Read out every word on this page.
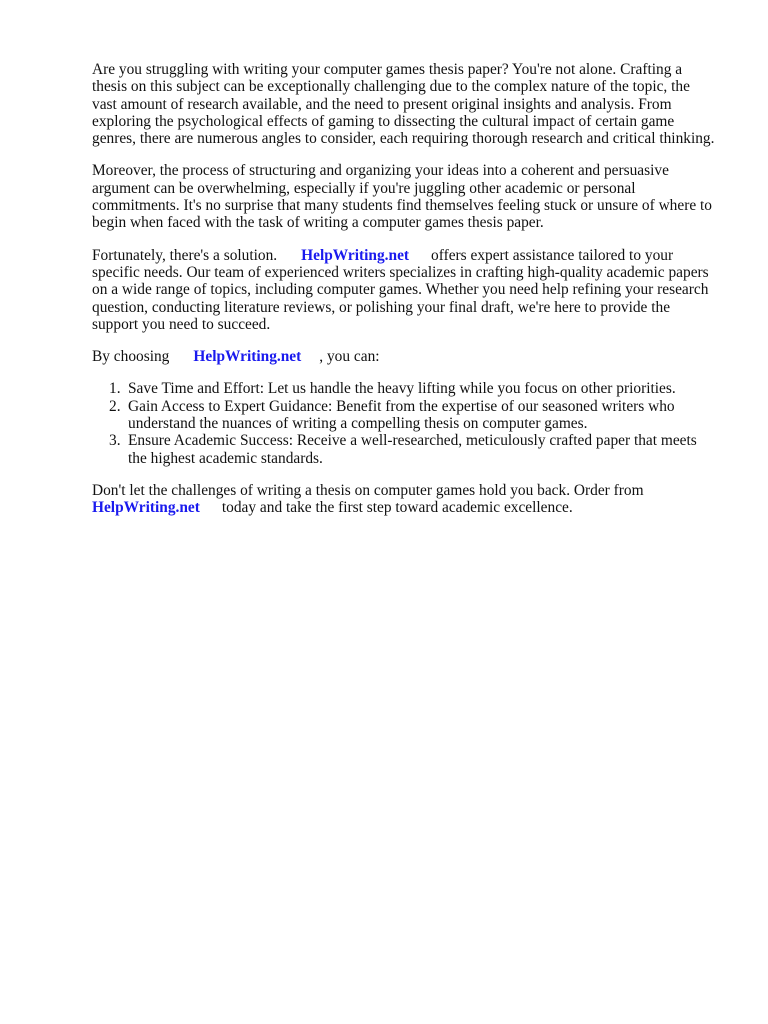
Are you struggling with writing your computer games thesis paper? You're not alone. Crafting a
thesis on this subject can be exceptionally challenging due to the complex nature of the topic, the
vast amount of research available, and the need to present original insights and analysis. From
exploring the psychological effects of gaming to dissecting the cultural impact of certain game
genres, there are numerous angles to consider, each requiring thorough research and critical thinking.
Moreover, the process of structuring and organizing your ideas into a coherent and persuasive
argument can be overwhelming, especially if you're juggling other academic or personal
commitments. It's no surprise that many students find themselves feeling stuck or unsure of where to
begin when faced with the task of writing a computer games thesis paper.
Fortunately, there's a solution. HelpWriting.net offers expert assistance tailored to your
specific needs. Our team of experienced writers specializes in crafting high-quality academic papers
on a wide range of topics, including computer games. Whether you need help refining your research
question, conducting literature reviews, or polishing your final draft, we're here to provide the
support you need to succeed.
By choosing HelpWriting.net , you can:
1. Save Time and Effort: Let us handle the heavy lifting while you focus on other priorities.
2. Gain Access to Expert Guidance: Benefit from the expertise of our seasoned writers who
understand the nuances of writing a compelling thesis on computer games.
3. Ensure Academic Success: Receive a well-researched, meticulously crafted paper that meets
the highest academic standards.
Don't let the challenges of writing a thesis on computer games hold you back. Order from
HelpWriting.net today and take the first step toward academic excellence.
